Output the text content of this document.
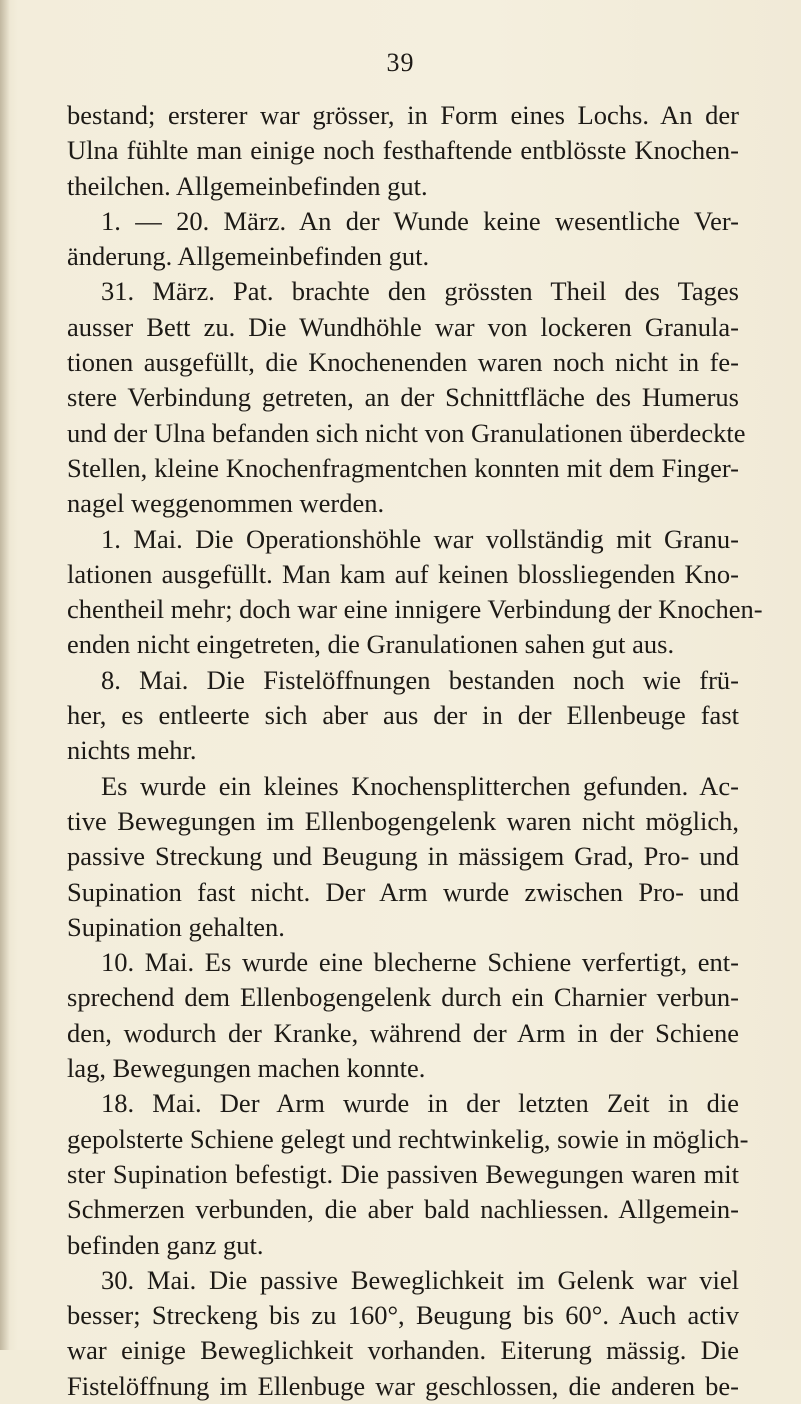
39
bestand; ersterer war grösser, in Form eines Lochs. An der
Ulna fühlte man einige noch festhaftende entblösste Knochen-
theilchen. Allgemeinbefinden gut.
1. — 20. März. An der Wunde keine wesentliche Ver-
änderung. Allgemeinbefinden gut.
31. März. Pat. brachte den grössten Theil des Tages
ausser Bett zu. Die Wundhöhle war von lockeren Granula-
tionen ausgefüllt, die Knochenenden waren noch nicht in fe-
stere Verbindung getreten, an der Schnittfläche des Humerus
und der Ulna befanden sich nicht von Granulationen überdeckte
Stellen, kleine Knochenfragmentchen konnten mit dem Finger-
nagel weggenommen werden.
1. Mai. Die Operationshöhle war vollständig mit Granu-
lationen ausgefüllt. Man kam auf keinen blossliegenden Kno-
chentheil mehr; doch war eine innigere Verbindung der Knochen-
enden nicht eingetreten, die Granulationen sahen gut aus.
8. Mai. Die Fistelöffnungen bestanden noch wie frü-
her, es entleerte sich aber aus der in der Ellenbeuge fast
nichts mehr.
Es wurde ein kleines Knochensplitterchen gefunden. Ac-
tive Bewegungen im Ellenbogengelenk waren nicht möglich,
passive Streckung und Beugung in mässigem Grad, Pro- und
Supination fast nicht. Der Arm wurde zwischen Pro- und
Supination gehalten.
10. Mai. Es wurde eine blecherne Schiene verfertigt, ent-
sprechend dem Ellenbogengelenk durch ein Charnier verbun-
den, wodurch der Kranke, während der Arm in der Schiene
lag, Bewegungen machen konnte.
18. Mai. Der Arm wurde in der letzten Zeit in die
gepolsterte Schiene gelegt und rechtwinkelig, sowie in möglich-
ster Supination befestigt. Die passiven Bewegungen waren mit
Schmerzen verbunden, die aber bald nachliessen. Allgemein-
befinden ganz gut.
30. Mai. Die passive Beweglichkeit im Gelenk war viel
besser; Streckeng bis zu 160°, Beugung bis 60°. Auch activ
war einige Beweglichkeit vorhanden. Eiterung mässig. Die
Fistelöffnung im Ellenbuge war geschlossen, die anderen be-
